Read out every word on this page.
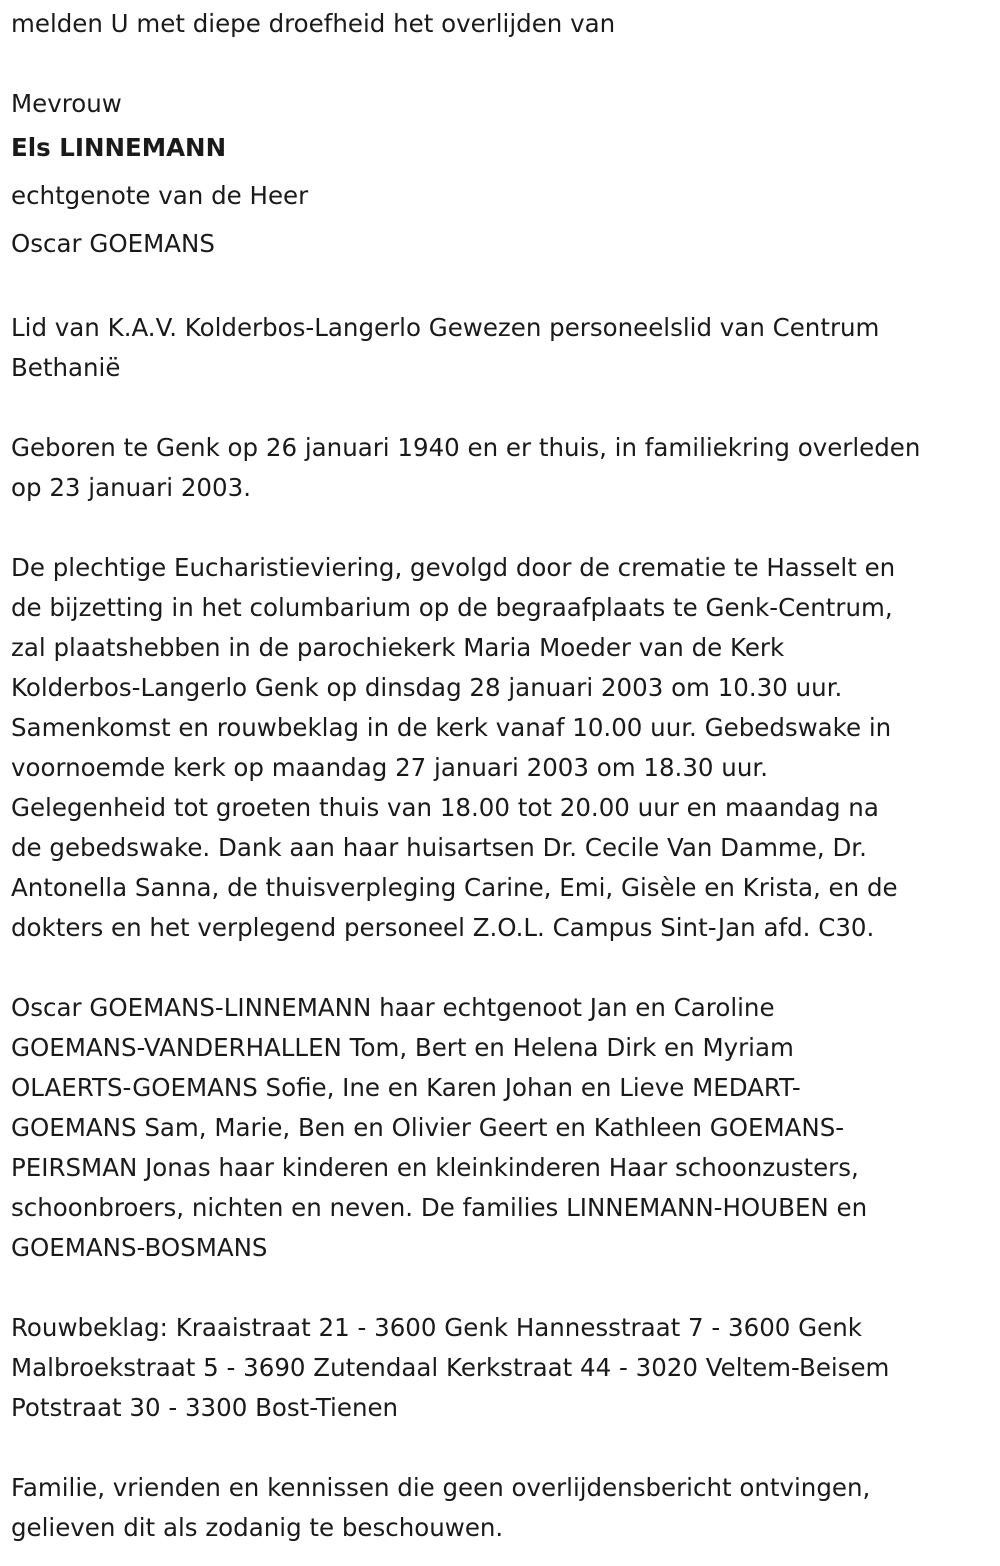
melden U met diepe droefheid het overlijden van

Mevrouw

Els LINNEMANN

echtgenote van de Heer

Oscar GOEMANS

Lid van K.A.V. Kolderbos-Langerlo Gewezen personeelslid van Centrum

Bethanië

Geboren te Genk op 26 januari 1940 en er thuis, in familiekring overleden

op 23 januari 2003.

De plechtige Eucharistieviering, gevolgd door de crematie te Hasselt en

de bijzetting in het columbarium op de begraafplaats te Genk-Centrum,

zal plaatshebben in de parochiekerk Maria Moeder van de Kerk

Kolderbos-Langerlo Genk op dinsdag 28 januari 2003 om 10.30 uur.

Samenkomst en rouwbeklag in de kerk vanaf 10.00 uur. Gebedswake in

voornoemde kerk op maandag 27 januari 2003 om 18.30 uur.

Gelegenheid tot groeten thuis van 18.00 tot 20.00 uur en maandag na

de gebedswake. Dank aan haar huisartsen Dr. Cecile Van Damme, Dr.

Antonella Sanna, de thuisverpleging Carine, Emi, Gisèle en Krista, en de

dokters en het verplegend personeel Z.O.L. Campus Sint-Jan afd. C30.

Oscar GOEMANS-LINNEMANN haar echtgenoot Jan en Caroline

GOEMANS-VANDERHALLEN Tom, Bert en Helena Dirk en Myriam

OLAERTS-GOEMANS Sofie, Ine en Karen Johan en Lieve MEDART-

GOEMANS Sam, Marie, Ben en Olivier Geert en Kathleen GOEMANS-

PEIRSMAN Jonas haar kinderen en kleinkinderen Haar schoonzusters,

schoonbroers, nichten en neven. De families LINNEMANN-HOUBEN en

GOEMANS-BOSMANS

Rouwbeklag: Kraaistraat 21 - 3600 Genk Hannesstraat 7 - 3600 Genk

Malbroekstraat 5 - 3690 Zutendaal Kerkstraat 44 - 3020 Veltem-Beisem

Potstraat 30 - 3300 Bost-Tienen

Familie, vrienden en kennissen die geen overlijdensbericht ontvingen,

gelieven dit als zodanig te beschouwen.
